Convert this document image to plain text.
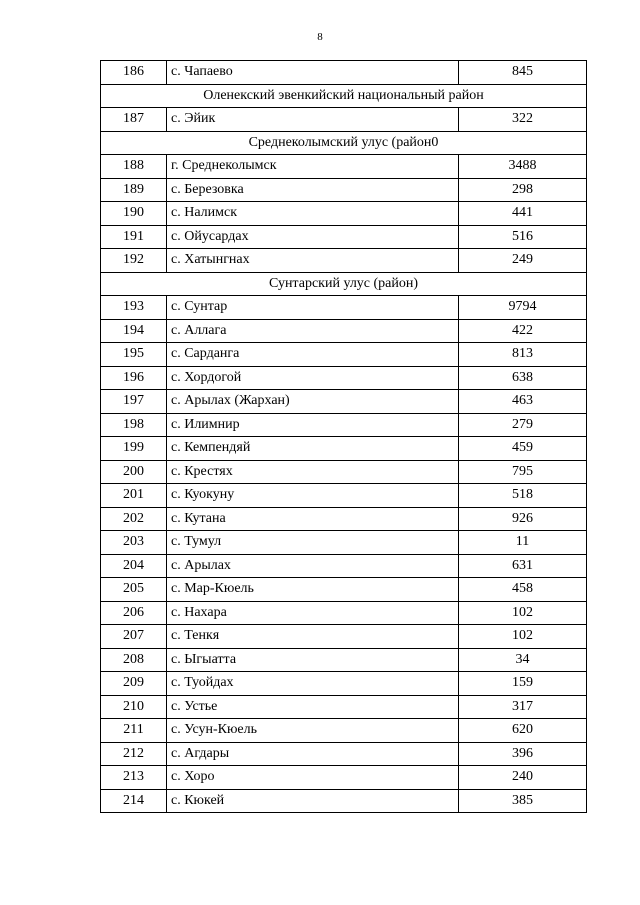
8
186	с. Чапаево	845
Оленекский эвенкийский национальный район		
187	с. Эйик	322
Среднеколымский улус (район0		
188	г. Среднеколымск	3488
189	с. Березовка	298
190	с. Налимск	441
191	с. Ойусардах	516
192	с. Хатынгнах	249
Сунтарский улус (район)		
193	с. Сунтар	9794
194	с. Аллага	422
195	с. Сарданга	813
196	с. Хордогой	638
197	с. Арылах (Жархан)	463
198	с. Илимнир	279
199	с. Кемпендяй	459
200	с. Крестях	795
201	с. Куокуну	518
202	с. Кутана	926
203	с. Тумул	11
204	с. Арылах	631
205	с. Мар-Кюель	458
206	с. Нахара	102
207	с. Тенкя	102
208	с. Ыгыатта	34
209	с. Туойдах	159
210	с. Устье	317
211	с. Усун-Кюель	620
212	с. Агдары	396
213	с. Хоро	240
214	с. Кюкей	385
